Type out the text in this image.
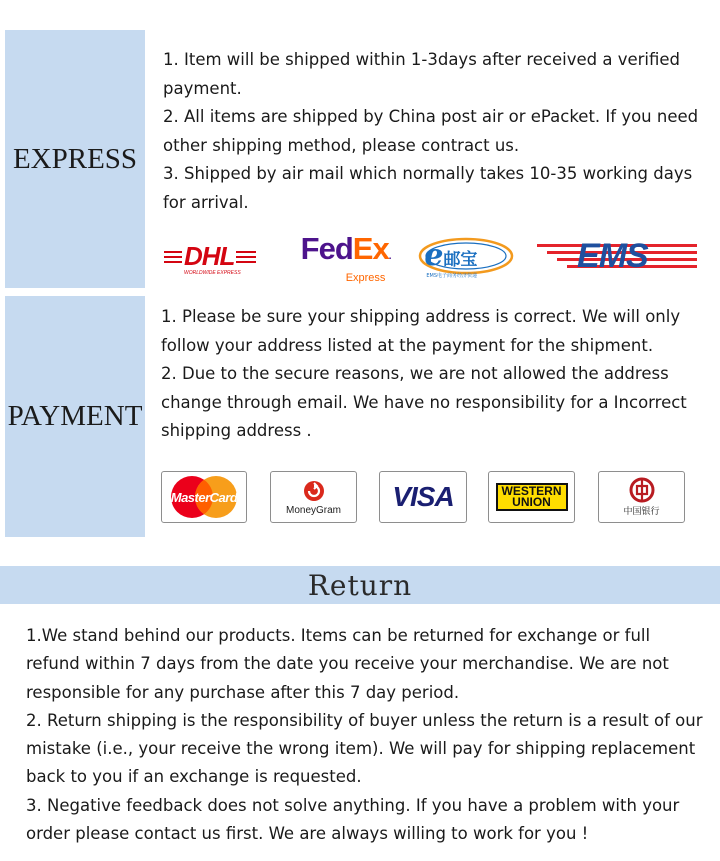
EXPRESS

1. Item will be shipped within 1-3days after received a verified payment.

2. All items are shipped by China post air or ePacket. If you need other shipping method, please contract us.

3. Shipped by air mail which normally takes 10-35 working days for arrival.

DHL
WORLDWIDE EXPRESS
FedEx.
Express
e 邮宝
EMS电子商务经济快递
EMS
PAYMENT

1. Please be sure your shipping address is correct. We will only follow your address listed at the payment for the shipment.

2. Due to the secure reasons, we are not allowed the address change through email. We have no responsibility for a Incorrect shipping address .

MasterCard
MoneyGram VISA	WESTERN
UNION
中国银行
Return

1.We stand behind our products. Items can be returned for exchange or full refund within 7 days from the date you receive your merchandise. We are not responsible for any purchase after this 7 day period.

2. Return shipping is the responsibility of buyer unless the return is a result of our mistake (i.e., your receive the wrong item). We will pay for shipping replacement back to you if an exchange is requested.

3. Negative feedback does not solve anything. If you have a problem with your order please contact us first. We are always willing to work for you !
